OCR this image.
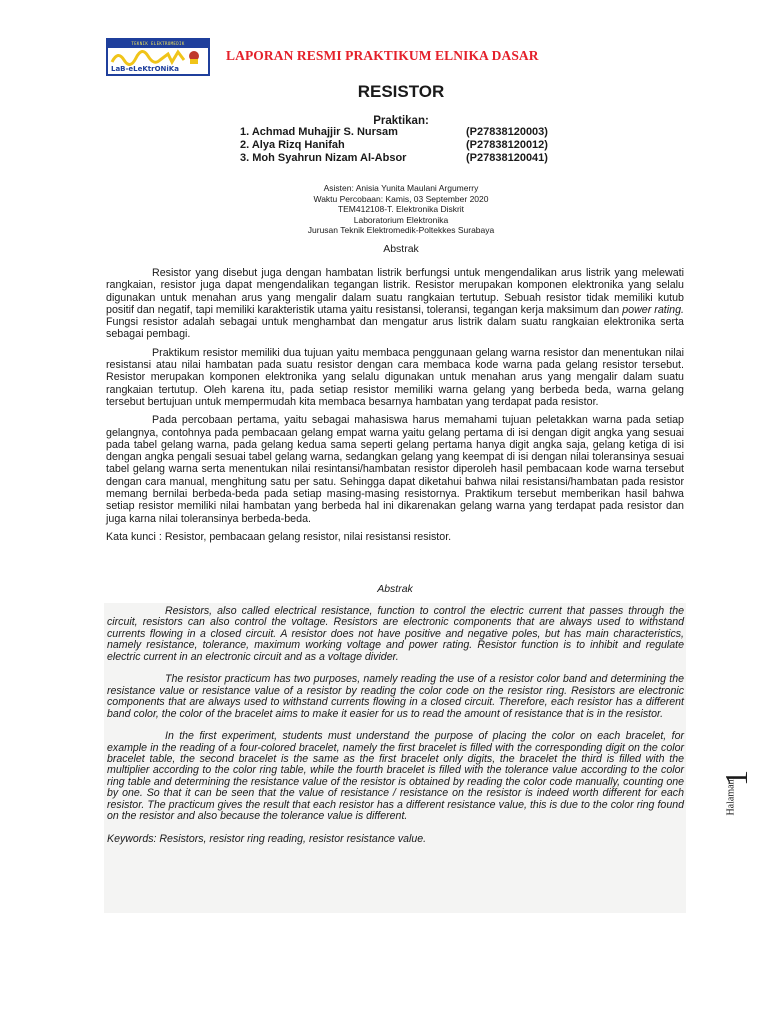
TEKNIK ELEKTROMEDIK
LaB-eLeKtrONiKa
LAPORAN RESMI PRAKTIKUM ELNIKA DASAR
RESISTOR
Praktikan:
1. Achmad Muhajjir S. Nursam	(P27838120003)
2. Alya Rizq Hanifah	(P27838120012)
3. Moh Syahrun Nizam Al-Absor	(P27838120041)
Asisten: Anisia Yunita Maulani Argumerry
Waktu Percobaan: Kamis, 03 September 2020
TEM412108-T. Elektronika Diskrit
Laboratorium Elektronika
Jurusan Teknik Elektromedik-Poltekkes Surabaya
Abstrak

Resistor yang disebut juga dengan hambatan listrik berfungsi untuk mengendalikan arus listrik yang melewati rangkaian, resistor juga dapat mengendalikan tegangan listrik. Resistor merupakan komponen elektronika yang selalu digunakan untuk menahan arus yang mengalir dalam suatu rangkaian tertutup. Sebuah resistor tidak memiliki kutub positif dan negatif, tapi memiliki karakteristik utama yaitu resistansi, toleransi, tegangan kerja maksimum dan power rating. Fungsi resistor adalah sebagai untuk menghambat dan mengatur arus listrik dalam suatu rangkaian elektronika serta sebagai pembagi.

Praktikum resistor memiliki dua tujuan yaitu membaca penggunaan gelang warna resistor dan menentukan nilai resistansi atau nilai hambatan pada suatu resistor dengan cara membaca kode warna pada gelang resistor tersebut. Resistor merupakan komponen elektronika yang selalu digunakan untuk menahan arus yang mengalir dalam suatu rangkaian tertutup. Oleh karena itu, pada setiap resistor memiliki warna gelang yang berbeda beda, warna gelang tersebut bertujuan untuk mempermudah kita membaca besarnya hambatan yang terdapat pada resistor.

Pada percobaan pertama, yaitu sebagai mahasiswa harus memahami tujuan peletakkan warna pada setiap gelangnya, contohnya pada pembacaan gelang empat warna yaitu gelang pertama di isi dengan digit angka yang sesuai pada tabel gelang warna, pada gelang kedua sama seperti gelang pertama hanya digit angka saja, gelang ketiga di isi dengan angka pengali sesuai tabel gelang warna, sedangkan gelang yang keempat di isi dengan nilai toleransinya sesuai tabel gelang warna serta menentukan nilai resintansi/hambatan resistor diperoleh hasil pembacaan kode warna tersebut dengan cara manual, menghitung satu per satu. Sehingga dapat diketahui bahwa nilai resistansi/hambatan pada resistor memang bernilai berbeda-beda pada setiap masing-masing resistornya. Praktikum tersebut memberikan hasil bahwa setiap resistor memiliki nilai hambatan yang berbeda hal ini dikarenakan gelang warna yang terdapat pada resistor dan juga karna nilai toleransinya berbeda-beda.

Kata kunci : Resistor, pembacaan gelang resistor, nilai resistansi resistor.

Abstrak

Resistors, also called electrical resistance, function to control the electric current that passes through the circuit, resistors can also control the voltage. Resistors are electronic components that are always used to withstand currents flowing in a closed circuit. A resistor does not have positive and negative poles, but has main characteristics, namely resistance, tolerance, maximum working voltage and power rating. Resistor function is to inhibit and regulate electric current in an electronic circuit and as a voltage divider.

The resistor practicum has two purposes, namely reading the use of a resistor color band and determining the resistance value or resistance value of a resistor by reading the color code on the resistor ring. Resistors are electronic components that are always used to withstand currents flowing in a closed circuit. Therefore, each resistor has a different band color, the color of the bracelet aims to make it easier for us to read the amount of resistance that is in the resistor.

In the first experiment, students must understand the purpose of placing the color on each bracelet, for example in the reading of a four-colored bracelet, namely the first bracelet is filled with the corresponding digit on the color bracelet table, the second bracelet is the same as the first bracelet only digits, the bracelet the third is filled with the multiplier according to the color ring table, while the fourth bracelet is filled with the tolerance value according to the color ring table and determining the resistance value of the resistor is obtained by reading the color code manually, counting one by one. So that it can be seen that the value of resistance / resistance on the resistor is indeed worth different for each resistor. The practicum gives the result that each resistor has a different resistance value, this is due to the color ring found on the resistor and also because the tolerance value is different.

Keywords: Resistors, resistor ring reading, resistor resistance value.

Halaman
1
